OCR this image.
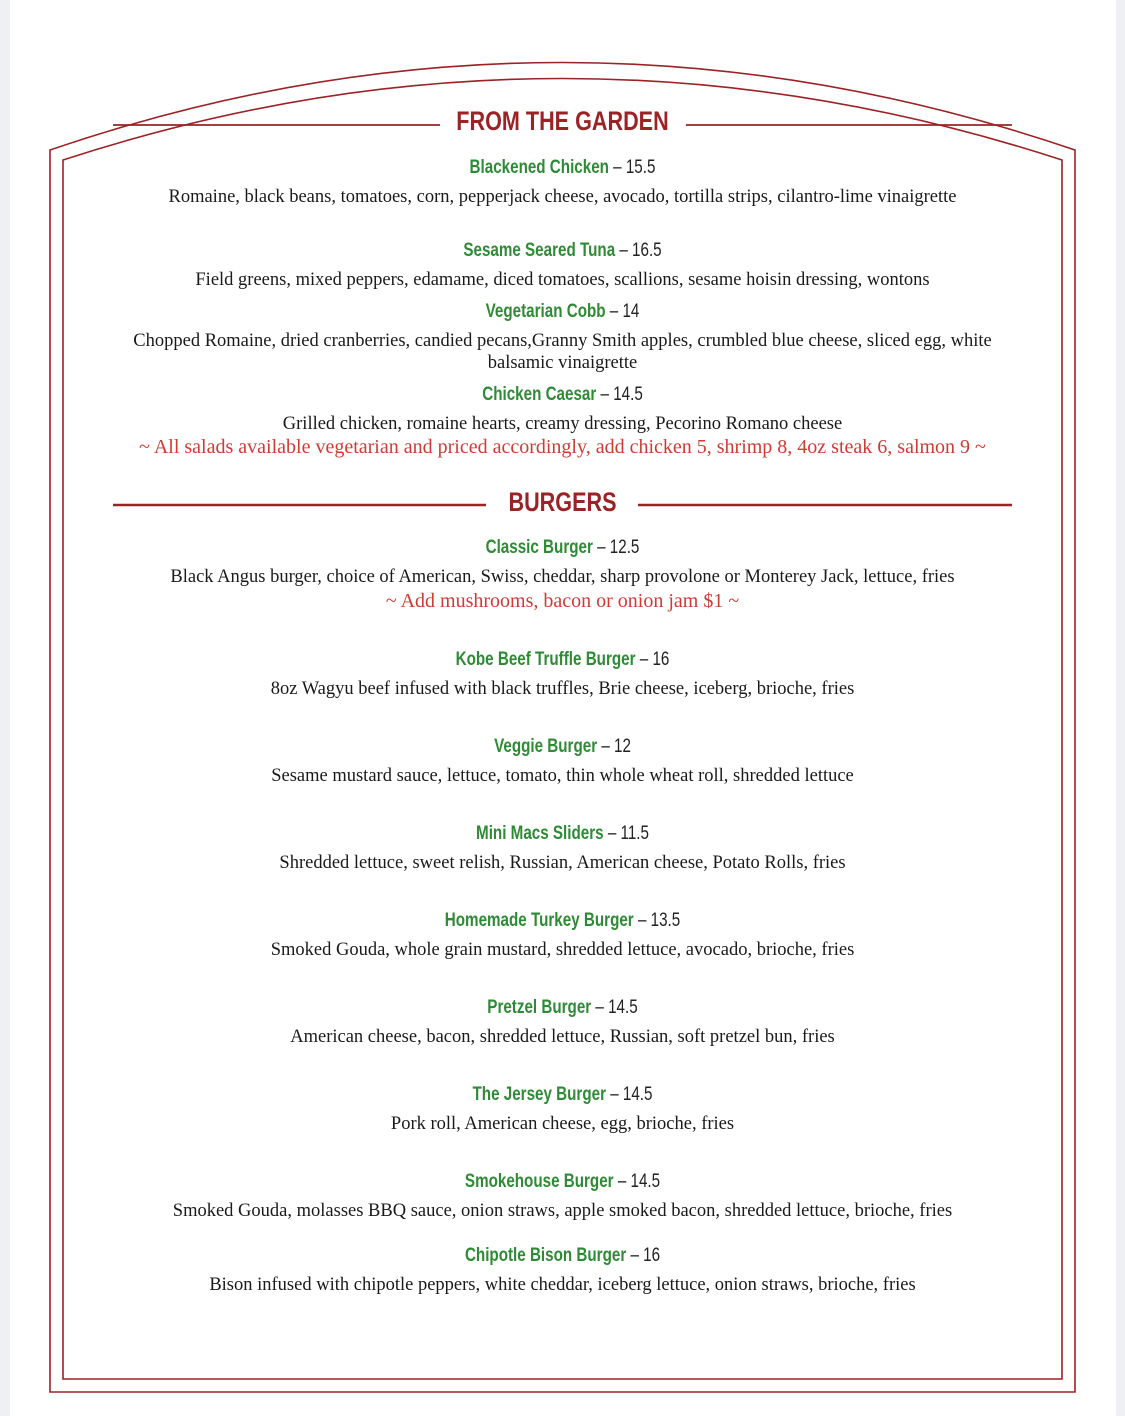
FROM THE GARDEN
Blackened Chicken – 15.5
Romaine, black beans, tomatoes, corn, pepperjack cheese, avocado, tortilla strips, cilantro-lime vinaigrette
Sesame Seared Tuna – 16.5
Field greens, mixed peppers, edamame, diced tomatoes, scallions, sesame hoisin dressing, wontons
Vegetarian Cobb – 14
Chopped Romaine, dried cranberries, candied pecans,Granny Smith apples, crumbled blue cheese, sliced egg, white balsamic vinaigrette
Chicken Caesar – 14.5
Grilled chicken, romaine hearts, creamy dressing, Pecorino Romano cheese
~ All salads available vegetarian and priced accordingly, add chicken 5, shrimp 8, 4oz steak 6, salmon 9 ~
BURGERS
Classic Burger – 12.5
Black Angus burger, choice of American, Swiss, cheddar, sharp provolone or Monterey Jack, lettuce, fries
~ Add mushrooms, bacon or onion jam $1 ~
Kobe Beef Truffle Burger – 16
8oz Wagyu beef infused with black truffles, Brie cheese, iceberg, brioche, fries
Veggie Burger – 12
Sesame mustard sauce, lettuce, tomato, thin whole wheat roll, shredded lettuce
Mini Macs Sliders – 11.5
Shredded lettuce, sweet relish, Russian, American cheese, Potato Rolls, fries
Homemade Turkey Burger – 13.5
Smoked Gouda, whole grain mustard, shredded lettuce, avocado, brioche, fries
Pretzel Burger – 14.5
American cheese, bacon, shredded lettuce, Russian, soft pretzel bun, fries
The Jersey Burger – 14.5
Pork roll, American cheese, egg, brioche, fries
Smokehouse Burger – 14.5
Smoked Gouda, molasses BBQ sauce, onion straws, apple smoked bacon, shredded lettuce, brioche, fries
Chipotle Bison Burger – 16
Bison infused with chipotle peppers, white cheddar, iceberg lettuce, onion straws, brioche, fries
